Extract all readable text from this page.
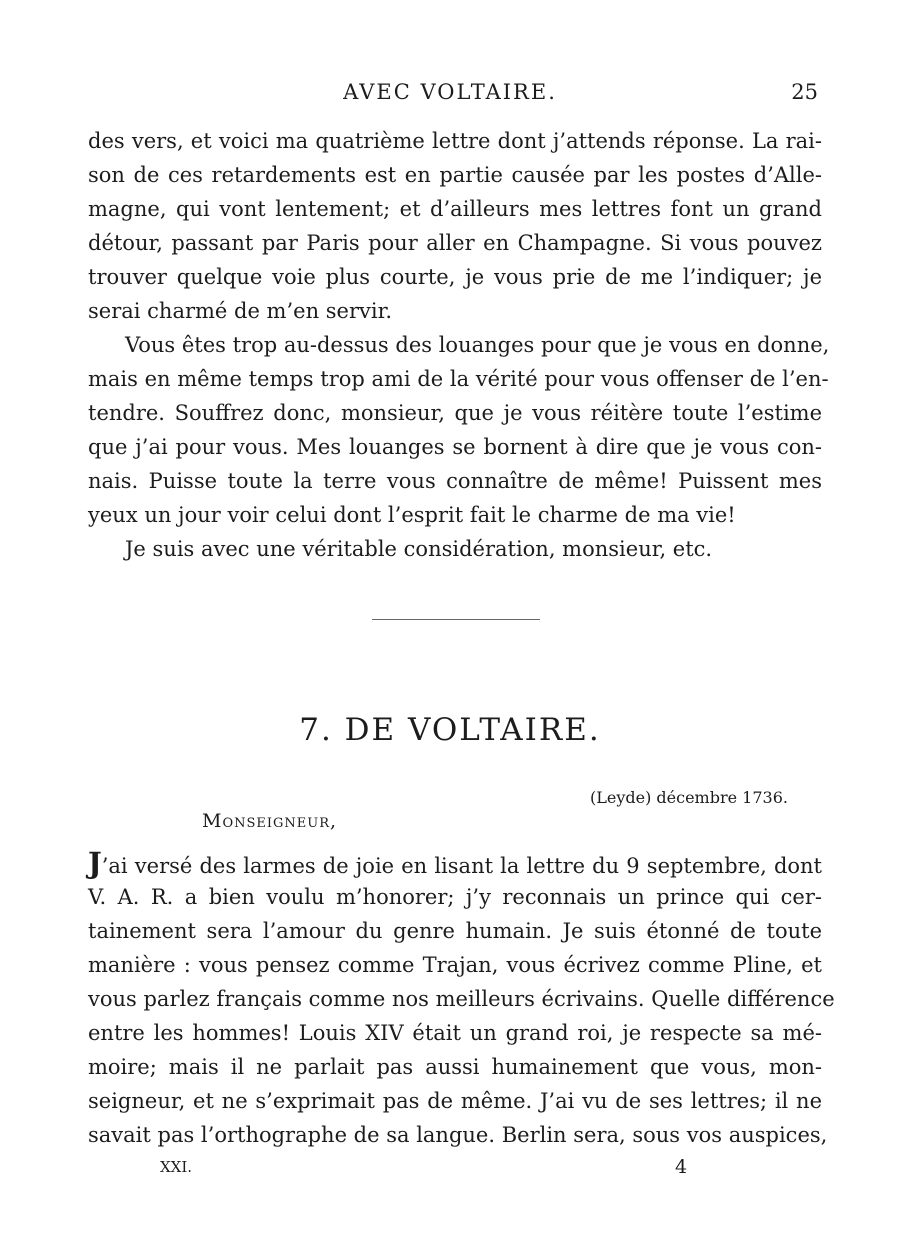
AVEC VOLTAIRE.	25
des vers, et voici ma quatrième lettre dont j’attends réponse. La rai-
son de ces retardements est en partie causée par les postes d’Alle-
magne, qui vont lentement; et d’ailleurs mes lettres font un grand
détour, passant par Paris pour aller en Champagne. Si vous pouvez
trouver quelque voie plus courte, je vous prie de me l’indiquer; je
serai charmé de m’en servir.
Vous êtes trop au-dessus des louanges pour que je vous en donne,
mais en même temps trop ami de la vérité pour vous offenser de l’en-
tendre. Souffrez donc, monsieur, que je vous réitère toute l’estime
que j’ai pour vous. Mes louanges se bornent à dire que je vous con-
nais. Puisse toute la terre vous connaître de même! Puissent mes
yeux un jour voir celui dont l’esprit fait le charme de ma vie!
Je suis avec une véritable considération, monsieur, etc.
7. DE VOLTAIRE.
(Leyde) décembre 1736.
Monseigneur,
J’ai versé des larmes de joie en lisant la lettre du 9 septembre, dont
V. A. R. a bien voulu m’honorer; j’y reconnais un prince qui cer-
tainement sera l’amour du genre humain. Je suis étonné de toute
manière : vous pensez comme Trajan, vous écrivez comme Pline, et
vous parlez français comme nos meilleurs écrivains. Quelle différence
entre les hommes! Louis XIV était un grand roi, je respecte sa mé-
moire; mais il ne parlait pas aussi humainement que vous, mon-
seigneur, et ne s’exprimait pas de même. J’ai vu de ses lettres; il ne
savait pas l’orthographe de sa langue. Berlin sera, sous vos auspices,
XXI.	4
